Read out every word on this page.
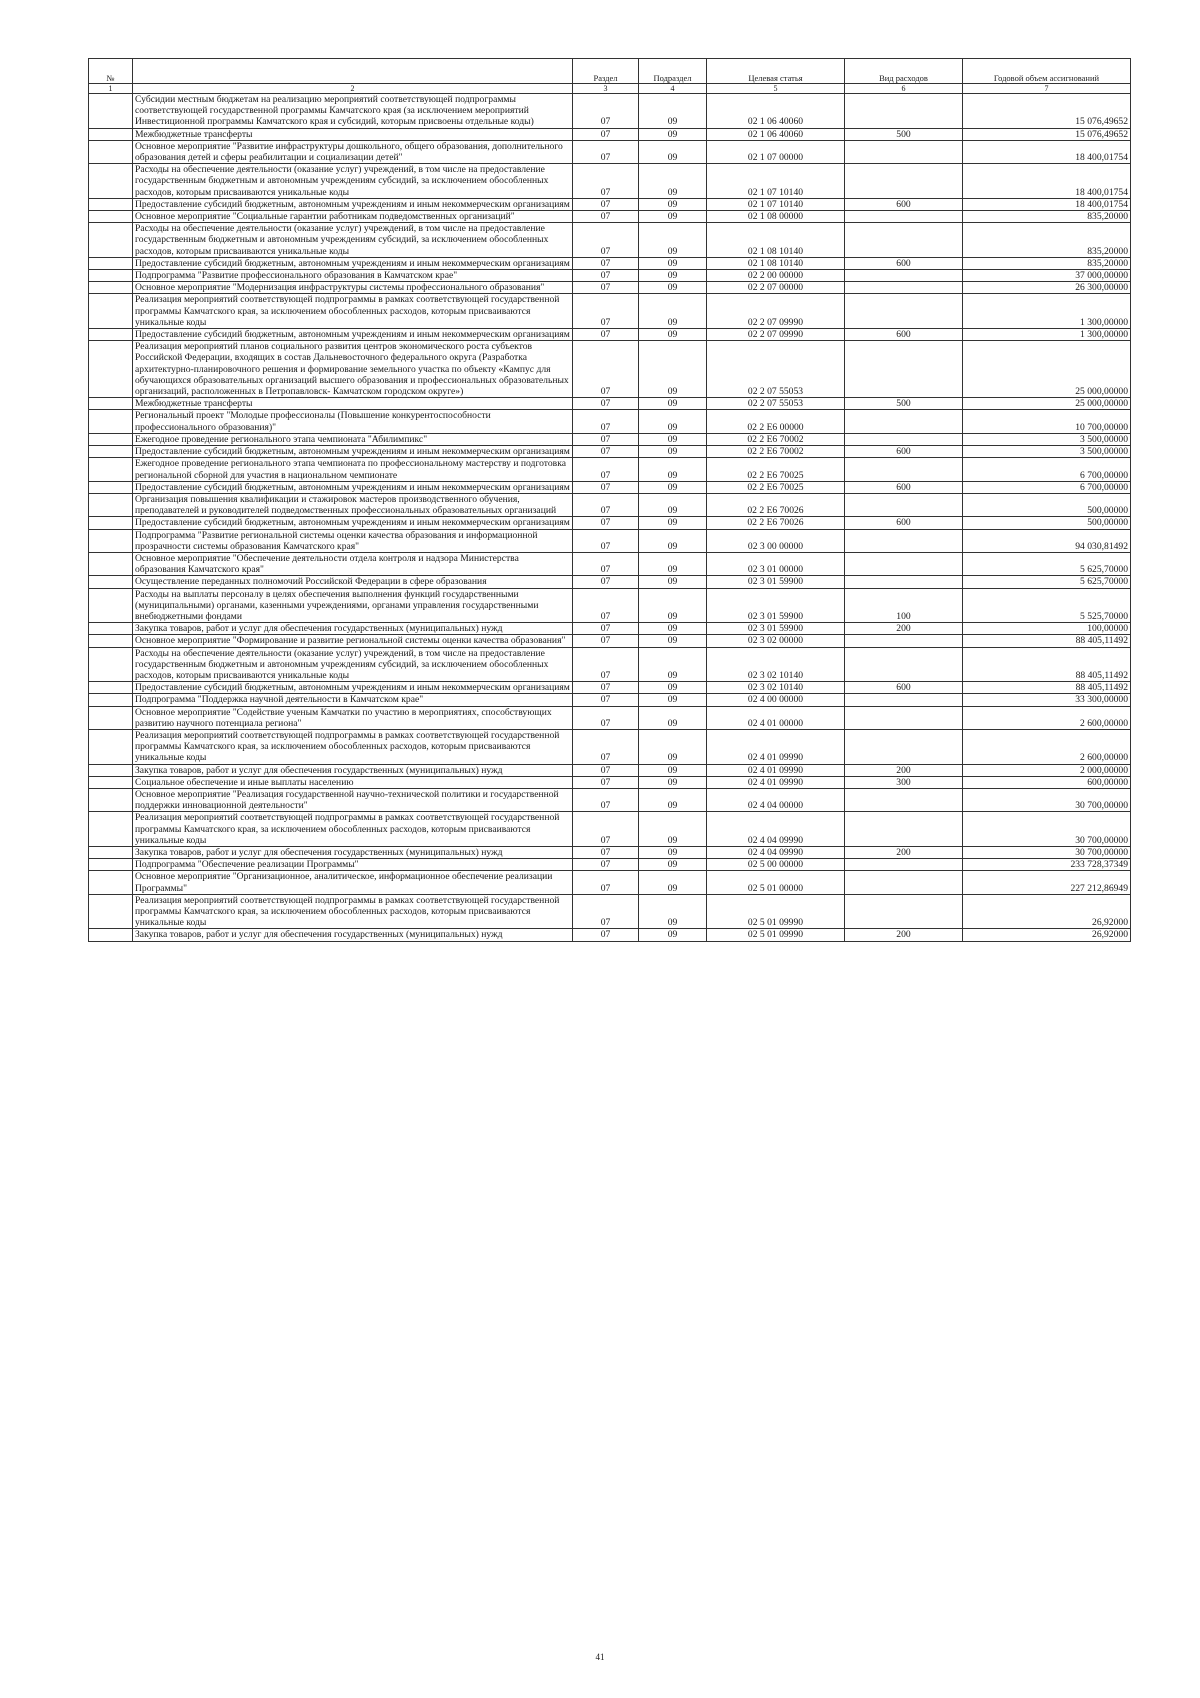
№		Раздел	Подраздел	Целевая статья	Вид расходов	Годовой объем ассигнований
1	2	3	4	5	6	7
	Субсидии местным бюджетам на реализацию мероприятий соответствующей подпрограммы соответствующей государственной программы Камчатского края (за исключением мероприятий Инвестиционной программы Камчатского края и субсидий, которым присвоены отдельные коды)	07	09	02 1 06 40060		15 076,49652
	Межбюджетные трансферты	07	09	02 1 06 40060	500	15 076,49652
	Основное мероприятие "Развитие инфраструктуры дошкольного, общего образования, дополнительного образования детей и сферы реабилитации и социализации детей"	07	09	02 1 07 00000		18 400,01754
	Расходы на обеспечение деятельности (оказание услуг) учреждений, в том числе на предоставление государственным бюджетным и автономным учреждениям субсидий, за исключением обособленных расходов, которым присваиваются уникальные коды	07	09	02 1 07 10140		18 400,01754
	Предоставление субсидий бюджетным, автономным учреждениям и иным некоммерческим организациям	07	09	02 1 07 10140	600	18 400,01754
	Основное мероприятие "Социальные гарантии работникам подведомственных организаций"	07	09	02 1 08 00000		835,20000
	Расходы на обеспечение деятельности (оказание услуг) учреждений, в том числе на предоставление государственным бюджетным и автономным учреждениям субсидий, за исключением обособленных расходов, которым присваиваются уникальные коды	07	09	02 1 08 10140		835,20000
	Предоставление субсидий бюджетным, автономным учреждениям и иным некоммерческим организациям	07	09	02 1 08 10140	600	835,20000
	Подпрограмма "Развитие профессионального образования в Камчатском крае"	07	09	02 2 00 00000		37 000,00000
	Основное мероприятие "Модернизация инфраструктуры системы профессионального образования"	07	09	02 2 07 00000		26 300,00000
	Реализация мероприятий соответствующей подпрограммы в рамках соответствующей государственной программы Камчатского края, за исключением обособленных расходов, которым присваиваются уникальные коды	07	09	02 2 07 09990		1 300,00000
	Предоставление субсидий бюджетным, автономным учреждениям и иным некоммерческим организациям	07	09	02 2 07 09990	600	1 300,00000
	Реализация мероприятий планов социального развития центров экономического роста субъектов Российской Федерации, входящих в состав Дальневосточного федерального округа (Разработка архитектурно-планировочного решения и формирование земельного участка по объекту «Кампус для обучающихся образовательных организаций высшего образования и профессиональных образовательных организаций, расположенных в Петропавловск- Камчатском городском округе»)	07	09	02 2 07 55053		25 000,00000
	Межбюджетные трансферты	07	09	02 2 07 55053	500	25 000,00000
	Региональный проект "Молодые профессионалы (Повышение конкурентоспособности профессионального образования)"	07	09	02 2 Е6 00000		10 700,00000
	Ежегодное проведение регионального этапа чемпионата "Абилимпикс"	07	09	02 2 Е6 70002		3 500,00000
	Предоставление субсидий бюджетным, автономным учреждениям и иным некоммерческим организациям	07	09	02 2 Е6 70002	600	3 500,00000
	Ежегодное проведение регионального этапа чемпионата по профессиональному мастерству и подготовка региональной сборной для участия в национальном чемпионате	07	09	02 2 Е6 70025		6 700,00000
	Предоставление субсидий бюджетным, автономным учреждениям и иным некоммерческим организациям	07	09	02 2 Е6 70025	600	6 700,00000
	Организация повышения квалификации и стажировок мастеров производственного обучения, преподавателей и руководителей подведомственных профессиональных образовательных организаций	07	09	02 2 Е6 70026		500,00000
	Предоставление субсидий бюджетным, автономным учреждениям и иным некоммерческим организациям	07	09	02 2 Е6 70026	600	500,00000
	Подпрограмма "Развитие региональной системы оценки качества образования и информационной прозрачности системы образования Камчатского края"	07	09	02 3 00 00000		94 030,81492
	Основное мероприятие "Обеспечение деятельности отдела контроля и надзора Министерства образования Камчатского края"	07	09	02 3 01 00000		5 625,70000
	Осуществление переданных полномочий Российской Федерации в сфере образования	07	09	02 3 01 59900		5 625,70000
	Расходы на выплаты персоналу в целях обеспечения выполнения функций государственными (муниципальными) органами, казенными учреждениями, органами управления государственными внебюджетными фондами	07	09	02 3 01 59900	100	5 525,70000
	Закупка товаров, работ и услуг для обеспечения государственных (муниципальных) нужд	07	09	02 3 01 59900	200	100,00000
	Основное мероприятие "Формирование и развитие региональной системы оценки качества образования"	07	09	02 3 02 00000		88 405,11492
	Расходы на обеспечение деятельности (оказание услуг) учреждений, в том числе на предоставление государственным бюджетным и автономным учреждениям субсидий, за исключением обособленных расходов, которым присваиваются уникальные коды	07	09	02 3 02 10140		88 405,11492
	Предоставление субсидий бюджетным, автономным учреждениям и иным некоммерческим организациям	07	09	02 3 02 10140	600	88 405,11492
	Подпрограмма "Поддержка научной деятельности в Камчатском крае"	07	09	02 4 00 00000		33 300,00000
	Основное мероприятие "Содействие ученым Камчатки по участию в мероприятиях, способствующих развитию научного потенциала региона"	07	09	02 4 01 00000		2 600,00000
	Реализация мероприятий соответствующей подпрограммы в рамках соответствующей государственной программы Камчатского края, за исключением обособленных расходов, которым присваиваются уникальные коды	07	09	02 4 01 09990		2 600,00000
	Закупка товаров, работ и услуг для обеспечения государственных (муниципальных) нужд	07	09	02 4 01 09990	200	2 000,00000
	Социальное обеспечение и иные выплаты населению	07	09	02 4 01 09990	300	600,00000
	Основное мероприятие "Реализация государственной научно-технической политики и государственной поддержки инновационной деятельности"	07	09	02 4 04 00000		30 700,00000
	Реализация мероприятий соответствующей подпрограммы в рамках соответствующей государственной программы Камчатского края, за исключением обособленных расходов, которым присваиваются уникальные коды	07	09	02 4 04 09990		30 700,00000
	Закупка товаров, работ и услуг для обеспечения государственных (муниципальных) нужд	07	09	02 4 04 09990	200	30 700,00000
	Подпрограмма "Обеспечение реализации Программы"	07	09	02 5 00 00000		233 728,37349
	Основное мероприятие "Организационное, аналитическое, информационное обеспечение реализации Программы"	07	09	02 5 01 00000		227 212,86949
	Реализация мероприятий соответствующей подпрограммы в рамках соответствующей государственной программы Камчатского края, за исключением обособленных расходов, которым присваиваются уникальные коды	07	09	02 5 01 09990		26,92000
	Закупка товаров, работ и услуг для обеспечения государственных (муниципальных) нужд	07	09	02 5 01 09990	200	26,92000
41
